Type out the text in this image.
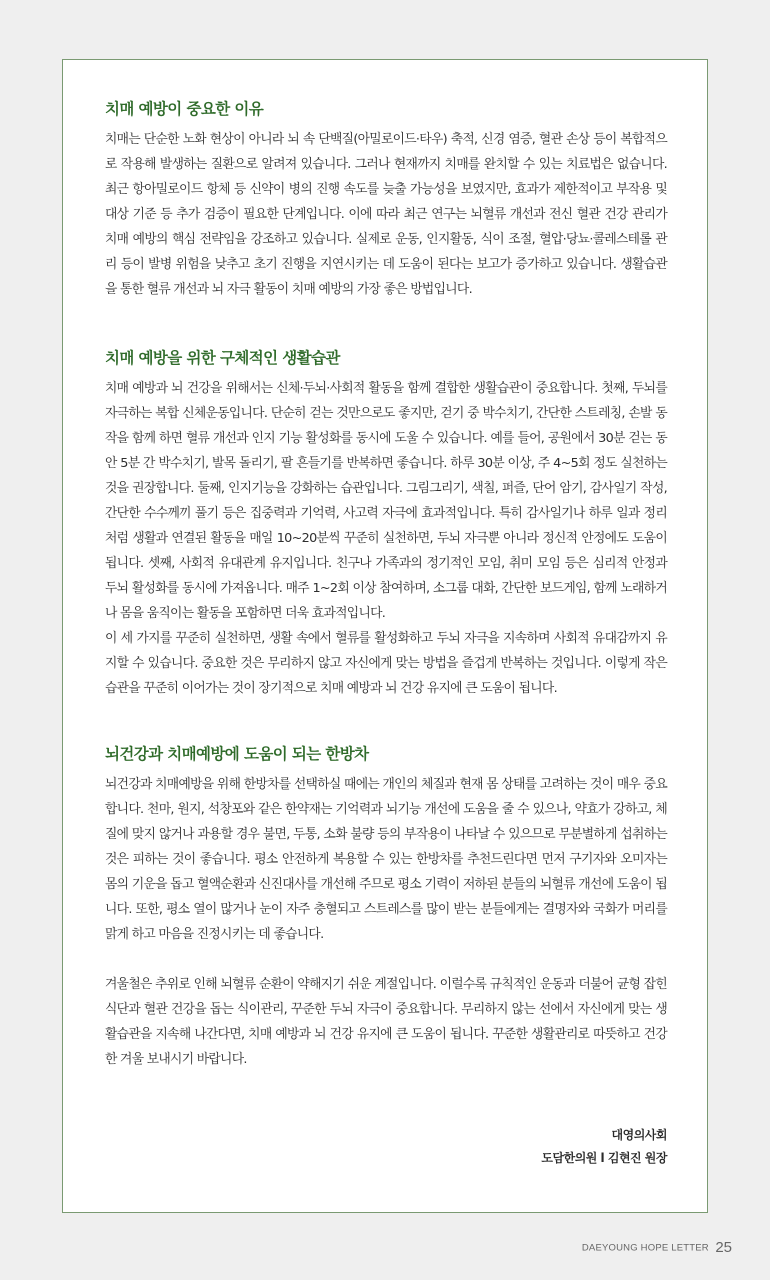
치매 예방이 중요한 이유

치매는 단순한 노화 현상이 아니라 뇌 속 단백질(아밀로이드·타우) 축적, 신경 염증, 혈관 손상 등이 복합적으로 작용해 발생하는 질환으로 알려져 있습니다. 그러나 현재까지 치매를 완치할 수 있는 치료법은 없습니다. 최근 항아밀로이드 항체 등 신약이 병의 진행 속도를 늦출 가능성을 보였지만, 효과가 제한적이고 부작용 및 대상 기준 등 추가 검증이 필요한 단계입니다. 이에 따라 최근 연구는 뇌혈류 개선과 전신 혈관 건강 관리가 치매 예방의 핵심 전략임을 강조하고 있습니다. 실제로 운동, 인지활동, 식이 조절, 혈압·당뇨·콜레스테롤 관리 등이 발병 위험을 낮추고 초기 진행을 지연시키는 데 도움이 된다는 보고가 증가하고 있습니다. 생활습관을 통한 혈류 개선과 뇌 자극 활동이 치매 예방의 가장 좋은 방법입니다.

치매 예방을 위한 구체적인 생활습관

치매 예방과 뇌 건강을 위해서는 신체·두뇌·사회적 활동을 함께 결합한 생활습관이 중요합니다. 첫째, 두뇌를 자극하는 복합 신체운동입니다. 단순히 걷는 것만으로도 좋지만, 걷기 중 박수치기, 간단한 스트레칭, 손발 동작을 함께 하면 혈류 개선과 인지 기능 활성화를 동시에 도울 수 있습니다. 예를 들어, 공원에서 30분 걷는 동안 5분 간 박수치기, 발목 돌리기, 팔 흔들기를 반복하면 좋습니다. 하루 30분 이상, 주 4~5회 정도 실천하는 것을 권장합니다. 둘째, 인지기능을 강화하는 습관입니다. 그림그리기, 색칠, 퍼즐, 단어 암기, 감사일기 작성, 간단한 수수께끼 풀기 등은 집중력과 기억력, 사고력 자극에 효과적입니다. 특히 감사일기나 하루 일과 정리처럼 생활과 연결된 활동을 매일 10~20분씩 꾸준히 실천하면, 두뇌 자극뿐 아니라 정신적 안정에도 도움이 됩니다. 셋째, 사회적 유대관계 유지입니다. 친구나 가족과의 정기적인 모임, 취미 모임 등은 심리적 안정과 두뇌 활성화를 동시에 가져옵니다. 매주 1~2회 이상 참여하며, 소그룹 대화, 간단한 보드게임, 함께 노래하거나 몸을 움직이는 활동을 포함하면 더욱 효과적입니다.

이 세 가지를 꾸준히 실천하면, 생활 속에서 혈류를 활성화하고 두뇌 자극을 지속하며 사회적 유대감까지 유지할 수 있습니다. 중요한 것은 무리하지 않고 자신에게 맞는 방법을 즐겁게 반복하는 것입니다. 이렇게 작은 습관을 꾸준히 이어가는 것이 장기적으로 치매 예방과 뇌 건강 유지에 큰 도움이 됩니다.

뇌건강과 치매예방에 도움이 되는 한방차

뇌건강과 치매예방을 위해 한방차를 선택하실 때에는 개인의 체질과 현재 몸 상태를 고려하는 것이 매우 중요합니다. 천마, 원지, 석창포와 같은 한약재는 기억력과 뇌기능 개선에 도움을 줄 수 있으나, 약효가 강하고, 체질에 맞지 않거나 과용할 경우 불면, 두통, 소화 불량 등의 부작용이 나타날 수 있으므로 무분별하게 섭취하는 것은 피하는 것이 좋습니다. 평소 안전하게 복용할 수 있는 한방차를 추천드린다면 먼저 구기자와 오미자는 몸의 기운을 돕고 혈액순환과 신진대사를 개선해 주므로 평소 기력이 저하된 분들의 뇌혈류 개선에 도움이 됩니다. 또한, 평소 열이 많거나 눈이 자주 충혈되고 스트레스를 많이 받는 분들에게는 결명자와 국화가 머리를 맑게 하고 마음을 진정시키는 데 좋습니다.

겨울철은 추위로 인해 뇌혈류 순환이 약해지기 쉬운 계절입니다. 이럴수록 규칙적인 운동과 더불어 균형 잡힌 식단과 혈관 건강을 돕는 식이관리, 꾸준한 두뇌 자극이 중요합니다. 무리하지 않는 선에서 자신에게 맞는 생활습관을 지속해 나간다면, 치매 예방과 뇌 건강 유지에 큰 도움이 됩니다. 꾸준한 생활관리로 따뜻하고 건강한 겨울 보내시기 바랍니다.

대영의사회
도담한의원 l 김현진 원장
DAEYOUNG HOPE LETTER 25
